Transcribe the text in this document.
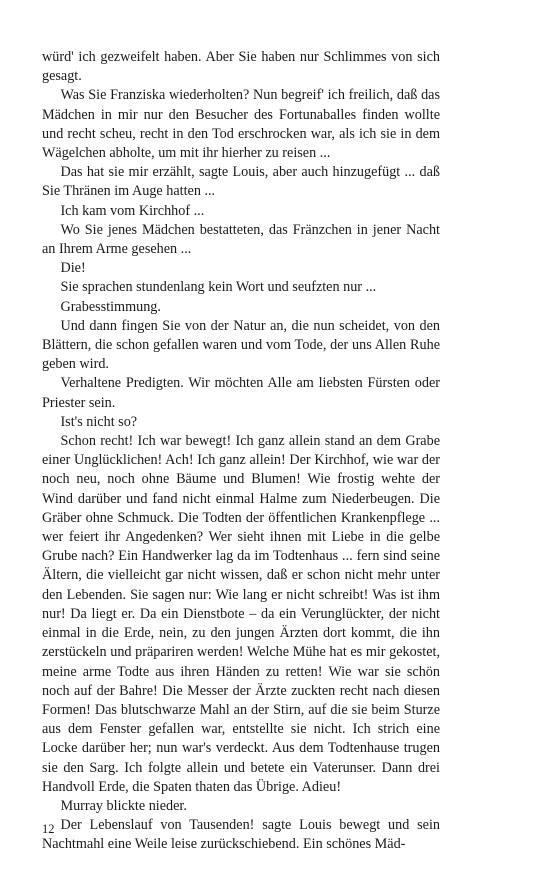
würd' ich gezweifelt haben. Aber Sie haben nur Schlimmes von sich gesagt.

Was Sie Franziska wiederholten? Nun begreif' ich freilich, daß das Mädchen in mir nur den Besucher des Fortunaballes finden wollte und recht scheu, recht in den Tod erschrocken war, als ich sie in dem Wägelchen abholte, um mit ihr hierher zu reisen ...

Das hat sie mir erzählt, sagte Louis, aber auch hinzugefügt ... daß Sie Thränen im Auge hatten ...

Ich kam vom Kirchhof ...

Wo Sie jenes Mädchen bestatteten, das Fränzchen in jener Nacht an Ihrem Arme gesehen ...

Die!

Sie sprachen stundenlang kein Wort und seufzten nur ...

Grabesstimmung.

Und dann fingen Sie von der Natur an, die nun scheidet, von den Blättern, die schon gefallen waren und vom Tode, der uns Allen Ruhe geben wird.

Verhaltene Predigten. Wir möchten Alle am liebsten Fürsten oder Priester sein.

Ist's nicht so?

Schon recht! Ich war bewegt! Ich ganz allein stand an dem Grabe einer Unglücklichen! Ach! Ich ganz allein! Der Kirchhof, wie war der noch neu, noch ohne Bäume und Blumen! Wie frostig wehte der Wind darüber und fand nicht einmal Halme zum Niederbeugen. Die Gräber ohne Schmuck. Die Todten der öffentlichen Krankenpflege ... wer feiert ihr Angedenken? Wer sieht ihnen mit Liebe in die gelbe Grube nach? Ein Handwerker lag da im Todtenhaus ... fern sind seine Ältern, die vielleicht gar nicht wissen, daß er schon nicht mehr unter den Lebenden. Sie sagen nur: Wie lang er nicht schreibt! Was ist ihm nur! Da liegt er. Da ein Dienstbote – da ein Verunglückter, der nicht einmal in die Erde, nein, zu den jungen Ärzten dort kommt, die ihn zerstückeln und präpariren werden! Welche Mühe hat es mir gekostet, meine arme Todte aus ihren Händen zu retten! Wie war sie schön noch auf der Bahre! Die Messer der Ärzte zuckten recht nach diesen Formen! Das blutschwarze Mahl an der Stirn, auf die sie beim Sturze aus dem Fenster gefallen war, entstellte sie nicht. Ich strich eine Locke darüber her; nun war's verdeckt. Aus dem Todtenhause trugen sie den Sarg. Ich folgte allein und betete ein Vaterunser. Dann drei Handvoll Erde, die Spaten thaten das Übrige. Adieu!

Murray blickte nieder.

Der Lebenslauf von Tausenden! sagte Louis bewegt und sein Nachtmahl eine Weile leise zurückschiebend. Ein schönes Mäd-

12
